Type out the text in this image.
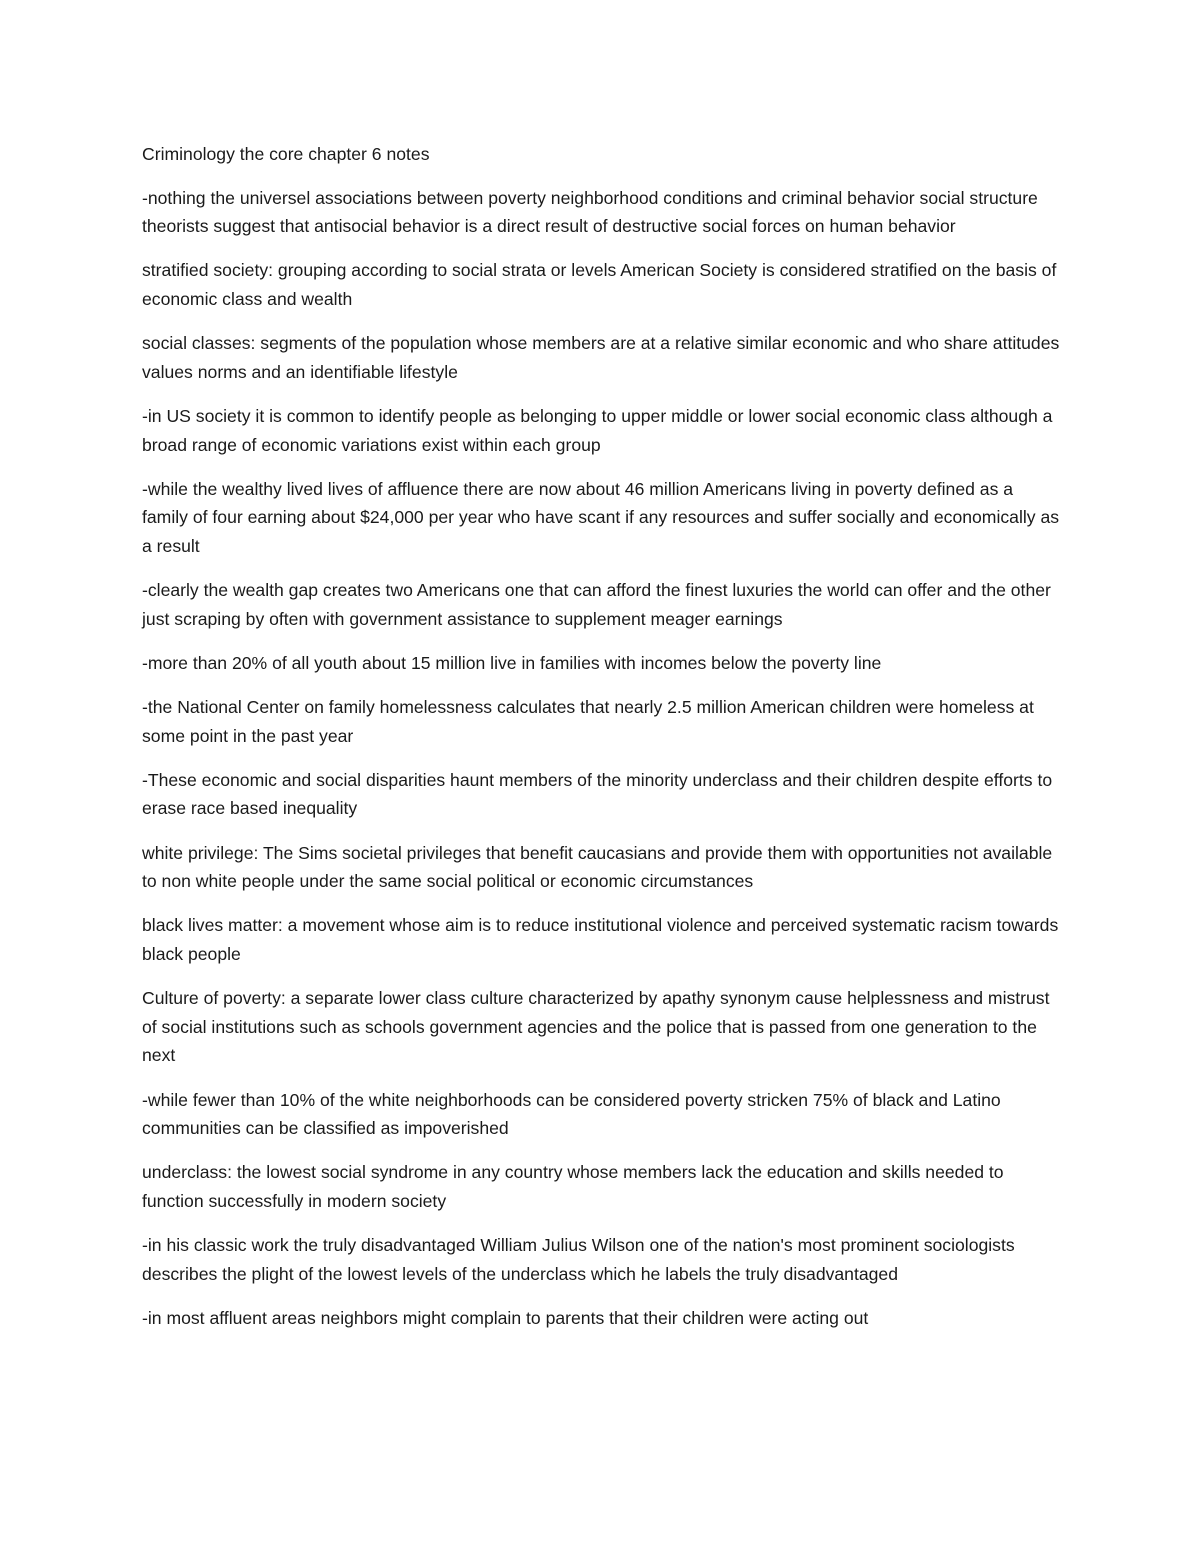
Criminology the core chapter 6 notes

-nothing the universel associations between poverty neighborhood conditions and criminal behavior social structure theorists suggest that antisocial behavior is a direct result of destructive social forces on human behavior

stratified society: grouping according to social strata or levels American Society is considered stratified on the basis of economic class and wealth

social classes: segments of the population whose members are at a relative similar economic and who share attitudes values norms and an identifiable lifestyle

-in US society it is common to identify people as belonging to upper middle or lower social economic class although a broad range of economic variations exist within each group

-while the wealthy lived lives of affluence there are now about 46 million Americans living in poverty defined as a family of four earning about $24,000 per year who have scant if any resources and suffer socially and economically as a result

-clearly the wealth gap creates two Americans one that can afford the finest luxuries the world can offer and the other just scraping by often with government assistance to supplement meager earnings

-more than 20% of all youth about 15 million live in families with incomes below the poverty line

-the National Center on family homelessness calculates that nearly 2.5 million American children were homeless at some point in the past year

-These economic and social disparities haunt members of the minority underclass and their children despite efforts to erase race based inequality

white privilege: The Sims societal privileges that benefit caucasians and provide them with opportunities not available to non white people under the same social political or economic circumstances

black lives matter: a movement whose aim is to reduce institutional violence and perceived systematic racism towards black people

Culture of poverty: a separate lower class culture characterized by apathy synonym cause helplessness and mistrust of social institutions such as schools government agencies and the police that is passed from one generation to the next

-while fewer than 10% of the white neighborhoods can be considered poverty stricken 75% of black and Latino communities can be classified as impoverished

underclass: the lowest social syndrome in any country whose members lack the education and skills needed to function successfully in modern society

-in his classic work the truly disadvantaged William Julius Wilson one of the nation's most prominent sociologists describes the plight of the lowest levels of the underclass which he labels the truly disadvantaged

-in most affluent areas neighbors might complain to parents that their children were acting out
